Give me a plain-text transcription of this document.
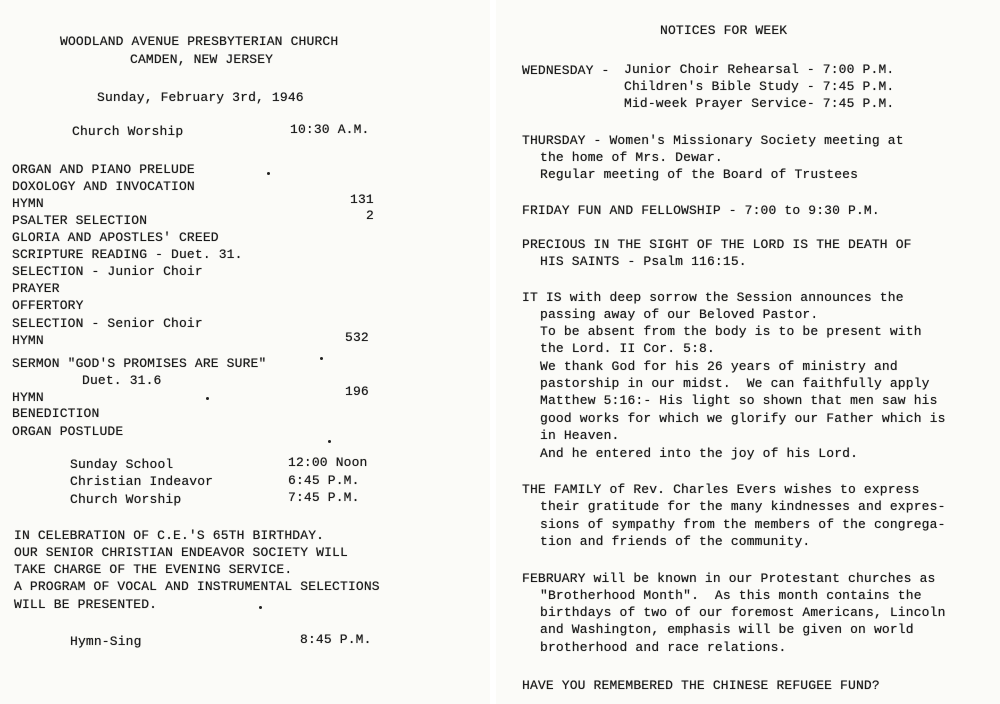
WOODLAND AVENUE PRESBYTERIAN CHURCH
CAMDEN, NEW JERSEY
Sunday, February 3rd, 1946
Church Worship	10:30 A.M.
ORGAN AND PIANO PRELUDE
DOXOLOGY AND INVOCATION
HYMN	131
PSALTER SELECTION	2
GLORIA AND APOSTLES' CREED
SCRIPTURE READING - Duet. 31.
SELECTION - Junior Choir
PRAYER
OFFERTORY
SELECTION - Senior Choir
HYMN	532
SERMON "GOD'S PROMISES ARE SURE"
Duet. 31.6
HYMN	196
BENEDICTION
ORGAN POSTLUDE
Sunday School	12:00 Noon
Christian Indeavor	6:45 P.M.
Church Worship	7:45 P.M.
IN CELEBRATION OF C.E.'S 65TH BIRTHDAY.
OUR SENIOR CHRISTIAN ENDEAVOR SOCIETY WILL
TAKE CHARGE OF THE EVENING SERVICE.
A PROGRAM OF VOCAL AND INSTRUMENTAL SELECTIONS
WILL BE PRESENTED.
Hymn-Sing	8:45 P.M.
NOTICES FOR WEEK
WEDNESDAY - Junior Choir Rehearsal - 7:00 P.M.
Children's Bible Study - 7:45 P.M.
Mid-week Prayer Service- 7:45 P.M.
THURSDAY - Women's Missionary Society meeting at
the home of Mrs. Dewar.
Regular meeting of the Board of Trustees
FRIDAY FUN AND FELLOWSHIP - 7:00 to 9:30 P.M.
PRECIOUS IN THE SIGHT OF THE LORD IS THE DEATH OF
HIS SAINTS - Psalm 116:15.
IT IS with deep sorrow the Session announces the
passing away of our Beloved Pastor.
To be absent from the body is to be present with
the Lord. II Cor. 5:8.
We thank God for his 26 years of ministry and
pastorship in our midst.  We can faithfully apply
Matthew 5:16:- His light so shown that men saw his
good works for which we glorify our Father which is
in Heaven.
And he entered into the joy of his Lord.
THE FAMILY of Rev. Charles Evers wishes to express
their gratitude for the many kindnesses and expres-
sions of sympathy from the members of the congrega-
tion and friends of the community.
FEBRUARY will be known in our Protestant churches as
"Brotherhood Month".  As this month contains the
birthdays of two of our foremost Americans, Lincoln
and Washington, emphasis will be given on world
brotherhood and race relations.
HAVE YOU REMEMBERED THE CHINESE REFUGEE FUND?
